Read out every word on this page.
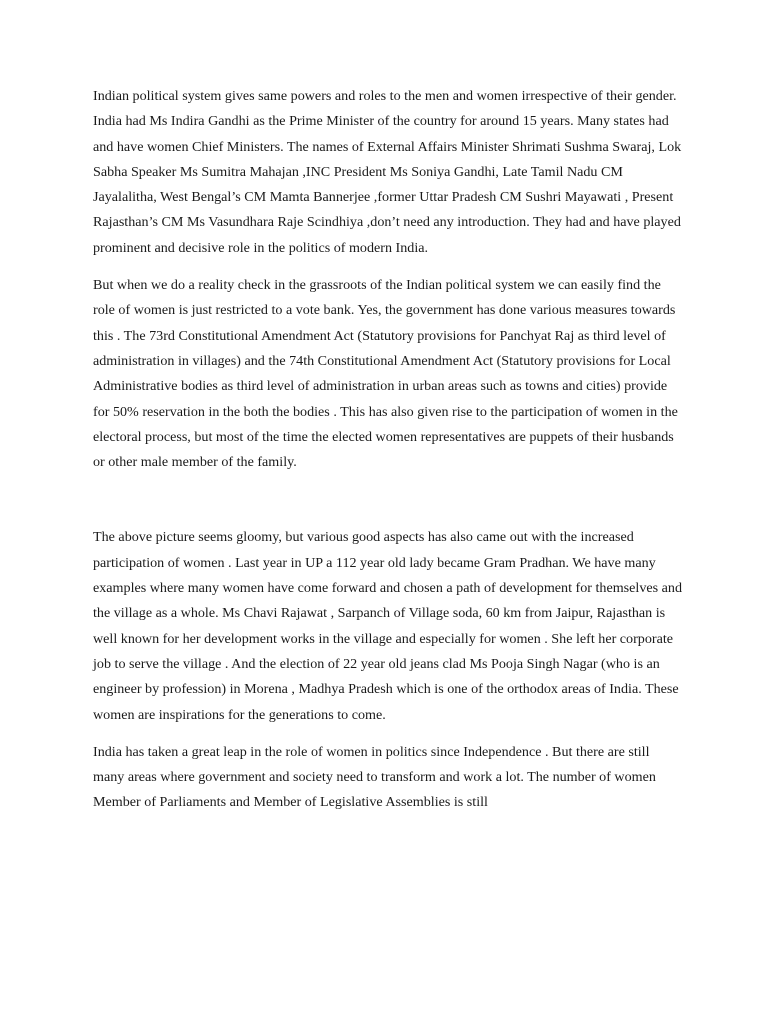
Indian political system gives same powers and roles to the men and women irrespective of their gender. India had Ms Indira Gandhi as the Prime Minister of the country for around 15 years. Many states had and have women Chief Ministers. The names of External Affairs Minister Shrimati Sushma Swaraj, Lok Sabha Speaker Ms Sumitra Mahajan ,INC President Ms Soniya Gandhi, Late Tamil Nadu CM Jayalalitha, West Bengal’s CM Mamta Bannerjee ,former Uttar Pradesh CM Sushri Mayawati , Present Rajasthan’s CM Ms Vasundhara Raje Scindhiya ,don’t need any introduction. They had and have played prominent and decisive role in the politics of modern India.

But when we do a reality check in the grassroots of the Indian political system we can easily find the role of women is just restricted to a vote bank. Yes, the government has done various measures towards this . The 73rd Constitutional Amendment Act (Statutory provisions for Panchyat Raj as third level of administration in villages) and the 74th Constitutional Amendment Act (Statutory provisions for Local Administrative bodies as third level of administration in urban areas such as towns and cities) provide for 50% reservation in the both the bodies . This has also given rise to the participation of women in the electoral process, but most of the time the elected women representatives are puppets of their husbands or other male member of the family.

The above picture seems gloomy, but various good aspects has also came out with the increased participation of women . Last year in UP a 112 year old lady became Gram Pradhan. We have many examples where many women have come forward and chosen a path of development for themselves and the village as a whole. Ms Chavi Rajawat , Sarpanch of Village soda, 60 km from Jaipur, Rajasthan is well known for her development works in the village and especially for women . She left her corporate job to serve the village . And the election of 22 year old jeans clad Ms Pooja Singh Nagar (who is an engineer by profession) in Morena , Madhya Pradesh which is one of the orthodox areas of India. These women are inspirations for the generations to come.

India has taken a great leap in the role of women in politics since Independence . But there are still many areas where government and society need to transform and work a lot. The number of women Member of Parliaments and Member of Legislative Assemblies is still
